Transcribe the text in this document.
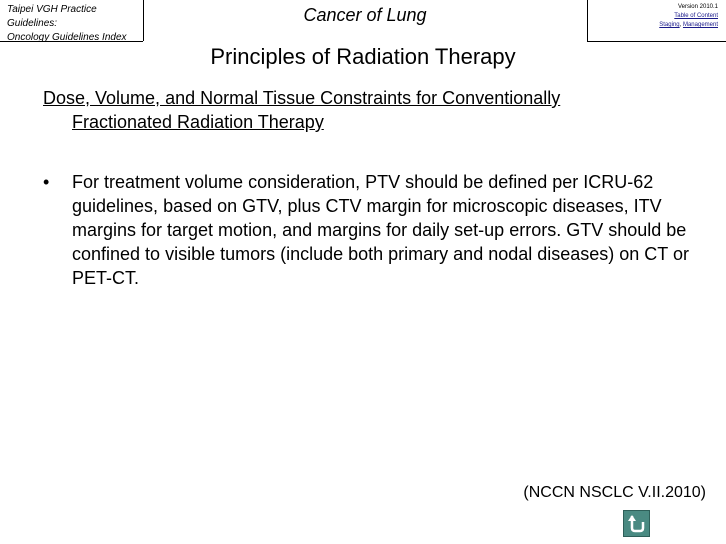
Taipei VGH Practice
Guidelines:
Oncology Guidelines Index
Cancer of Lung	Version 2010.1
Table of Content
Staging, Management
Principles of Radiation Therapy
Dose, Volume, and Normal Tissue Constraints for Conventionally
Fractionated Radiation Therapy
• For treatment volume consideration, PTV should be defined per ICRU-62 guidelines, based on GTV, plus CTV margin for microscopic diseases, ITV margins for target motion, and margins for daily set-up errors. GTV should be confined to visible tumors (include both primary and nodal diseases) on CT or PET-CT.
(NCCN NSCLC V.II.2010)
